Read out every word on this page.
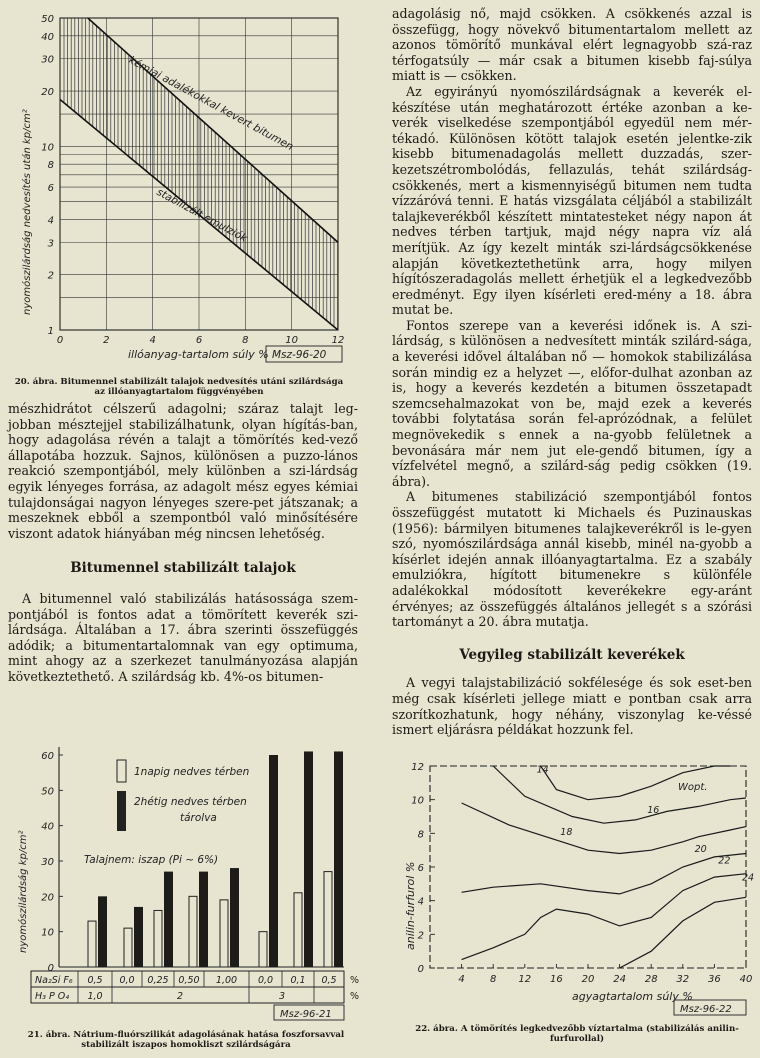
50
40
30
20
10
8
6
4
3
2
1
0	2	4	6	8	10	12
kémiai adalékokkal kevert bitumen
stabilizált emulziók
nyomószilárdság nedvesítés után kp/cm²
illóanyag-tartalom súly % Msz-96-20
20. ábra. Bitumennel stabilizált talajok nedvesítés utáni szilárdsága az illóanyagtartalom függvényében

mészhidrátot célszerű adagolni; száraz talajt leg-jobban mésztejjel stabilizálhatunk, olyan hígítás-ban, hogy adagolása révén a talajt a tömörítés ked-vező állapotába hozzuk. Sajnos, különösen a puzzo-lános reakció szempontjából, mely különben a szi-lárdság egyik lényeges forrása, az adagolt mész egyes kémiai tulajdonságai nagyon lényeges szere-pet játszanak; a meszeknek ebből a szempontból való minősítésére viszont adatok hiányában még nincsen lehetőség.

Bitumennel stabilizált talajok

A bitumennel való stabilizálás hatásossága szem-pontjából is fontos adat a tömörített keverék szi-lárdsága. Általában a 17. ábra szerinti összefüggés adódik; a bitumentartalomnak van egy optimuma, mint ahogy az a szerkezet tanulmányozása alapján következtethető. A szilárdság kb. 4%-os bitumen-

60
50
40
30
20
10
0
1napig nedves térben
2hétig nedves térben
tárolva
Talajnem: iszap (Pi ~ 6%)
nyomószilárdság kp/cm²
0,5 0,0 0,25 0,50 1,00 0,0 0,1 0,5
1,0	2	3
Na₂Si F₆
H₃ P O₄
%
%
Msz-96-21
21. ábra. Nátrium-fluórszilikát adagolásának hatása foszforsavval stabilizált iszapos homokliszt szilárdságára

adagolásig nő, majd csökken. A csökkenés azzal is összefügg, hogy növekvő bitumentartalom mellett az azonos tömörítő munkával elért legnagyobb szá-raz térfogatsúly — már csak a bitumen kisebb faj-súlya miatt is — csökken.

Az egyirányú nyomószilárdságnak a keverék el-készítése után meghatározott értéke azonban a ke-verék viselkedése szempontjából egyedül nem mér-tékadó. Különösen kötött talajok esetén jelentke-zik kisebb bitumenadagolás mellett duzzadás, szer-kezetszétrombolódás, fellazulás, tehát szilárdság-csökkenés, mert a kismennyiségű bitumen nem tudta vízzáróvá tenni. E hatás vizsgálata céljából a stabilizált talajkeverékből készített mintatesteket négy napon át nedves térben tartjuk, majd négy napra víz alá merítjük. Az így kezelt minták szi-lárdságcsökkenése alapján következtethetünk arra, hogy milyen hígítószeradagolás mellett érhetjük el a legkedvezőbb eredményt. Egy ilyen kísérleti ered-mény a 18. ábra mutat be.

Fontos szerepe van a keverési időnek is. A szi-lárdság, s különösen a nedvesített minták szilárd-sága, a keverési idővel általában nő — homokok stabilizálása során mindig ez a helyzet —, előfor-dulhat azonban az is, hogy a keverés kezdetén a bitumen összetapadt szemcsehalmazokat von be, majd ezek a keverés további folytatása során fel-aprózódnak, a felület megnövekedik s ennek a na-gyobb felületnek a bevonására már nem jut ele-gendő bitumen, így a vízfelvétel megnő, a szilárd-ság pedig csökken (19. ábra).

A bitumenes stabilizáció szempontjából fontos összefüggést mutatott ki Michaels és Puzinauskas (1956): bármilyen bitumenes talajkeverékről is le-gyen szó, nyomószilárdsága annál kisebb, minél na-gyobb a kísérlet idején annak illóanyagtartalma. Ez a szabály emulziókra, hígított bitumenekre s különféle adalékokkal módosított keverékekre egy-aránt érvényes; az összefüggés általános jellegét s a szórási tartományt a 20. ábra mutatja.

Vegyileg stabilizált keverékek

A vegyi talajstabilizáció sokfélesége és sok eset-ben még csak kísérleti jellege miatt e pontban csak arra szorítkozhatunk, hogy néhány, viszonylag ke-véssé ismert eljárásra példákat hozzunk fel.

12
10
8
6
4
2
0
4	8 12 16 20 24 28 32 36 40
14
16
18
20
22
24
Wopt.
anilin-furfurol %
agyagtartalom súly %
Msz-96-22
22. ábra. A tömörítés legkedvezőbb víztartalma (stabilizálás anilin-furfurollal)
